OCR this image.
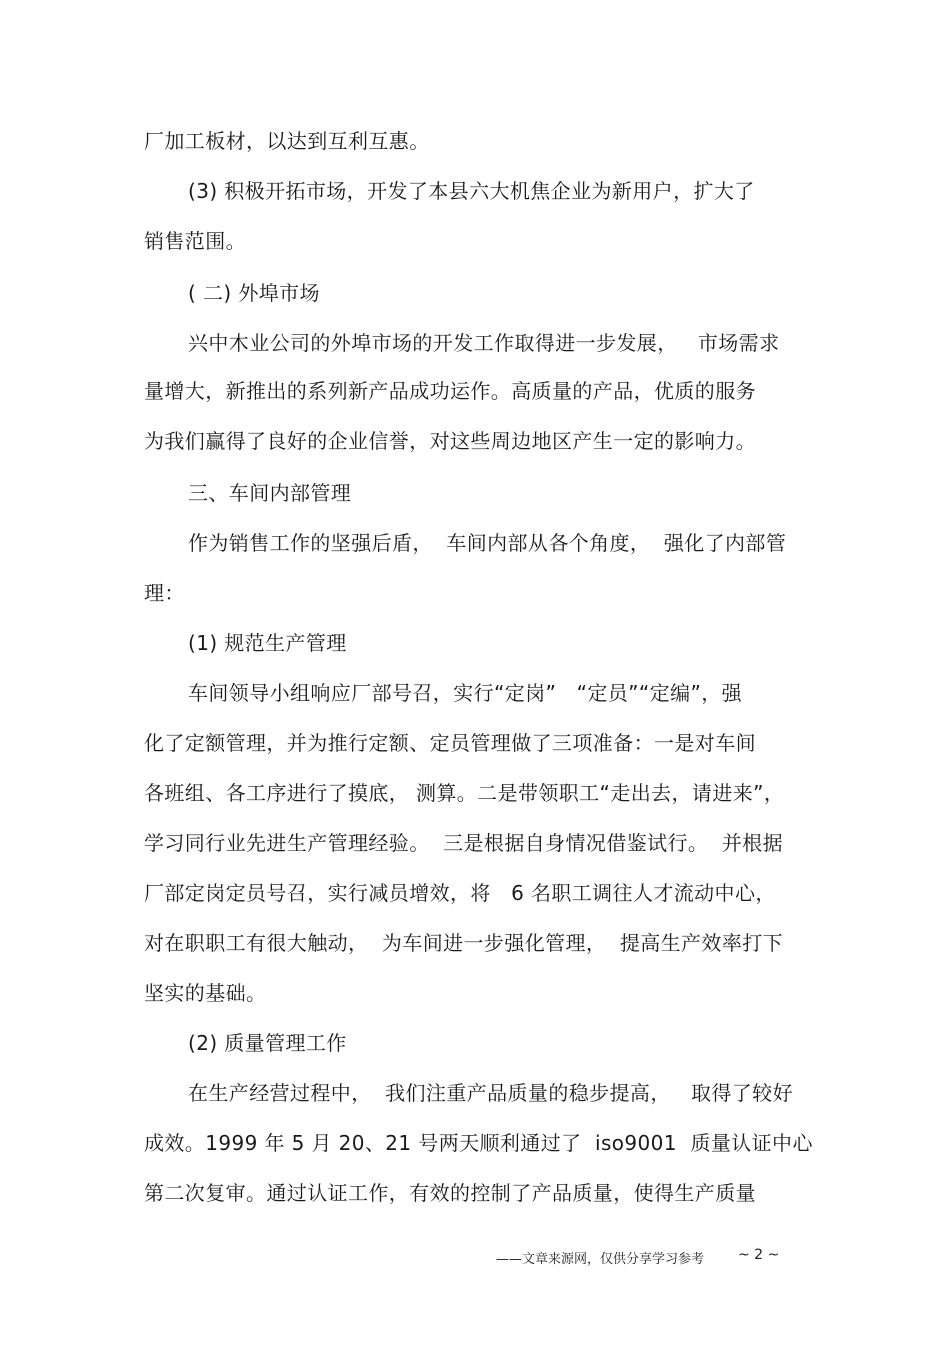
厂加工板材，以达到互利互惠。
(3) 积极开拓市场，开发了本县六大机焦企业为新用户，扩大了
销售范围。
( 二) 外埠市场
兴中木业公司的外埠市场的开发工作取得进一步发展，   市场需求
量增大，新推出的系列新产品成功运作。高质量的产品，优质的服务
为我们赢得了良好的企业信誉，对这些周边地区产生一定的影响力。
三、车间内部管理
作为销售工作的坚强后盾，  车间内部从各个角度，  强化了内部管
理：
(1) 规范生产管理
车间领导小组响应厂部号召，实行“定岗”   “定员”“定编”，强
化了定额管理，并为推行定额、定员管理做了三项准备：一是对车间
各班组、各工序进行了摸底， 测算。二是带领职工“走出去，请进来”，
学习同行业先进生产管理经验。  三是根据自身情况借鉴试行。  并根据
厂部定岗定员号召，实行减员增效，将   6 名职工调往人才流动中心，
对在职职工有很大触动，  为车间进一步强化管理，  提高生产效率打下
坚实的基础。
(2) 质量管理工作
在生产经营过程中，  我们注重产品质量的稳步提高，   取得了较好
成效。1999 年 5 月 20、21 号两天顺利通过了  iso9001  质量认证中心
第二次复审。通过认证工作，有效的控制了产品质量，使得生产质量
——文章来源网，仅供分享学习参考 ~ 2 ~
